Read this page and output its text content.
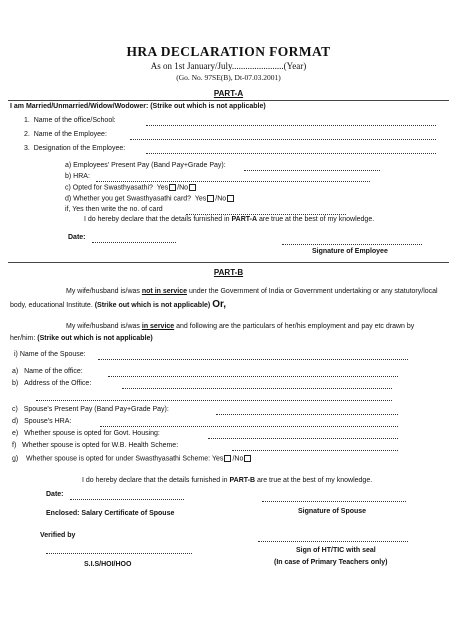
HRA DECLARATION FORMAT
As on 1st January/July.......................(Year)
(Go. No. 97SE(B), Dt-07.03.2001)
PART-A
I am Married/Unmarried/Widow/Wodower: (Strike out which is not applicable)
1. Name of the office/School:
2. Name of the Employee:
3. Designation of the Employee:
a) Employees' Present Pay (Band Pay+Grade Pay):
b) HRA:
c) Opted for Swasthyasathi? Yes /No
d) Whether you get Swasthyasathi card? Yes /No
if, Yes then write the no. of card
I do hereby declare that the details furnished in PART-A are true at the best of my knowledge.
Date:
Signature of Employee
PART-B
My wife/husband is/was not in service under the Government of India or Government undertaking or any statutory/local body, educational Institute. (Strike out which is not applicable) Or,
My wife/husband is/was in service and following are the particulars of her/his employment and pay etc drawn by her/him: (Strike out which is not applicable)
i) Name of the Spouse:
a) Name of the office:
b) Address of the Office:
c) Spouse's Present Pay (Band Pay+Grade Pay):
d) Spouse's HRA:
e) Whether spouse is opted for Govt. Housing:
f) Whether spouse is opted for W.B. Health Scheme:
g) Whether spouse is opted for under Swasthyasathi Scheme: Yes /No
I do hereby declare that the details furnished in PART-B are true at the best of my knowledge.
Date:
Enclosed: Salary Certificate of Spouse	Signature of Spouse
Verified by
Sign of HT/TIC with seal
S.I.S/HOI/HOO	(In case of Primary Teachers only)
